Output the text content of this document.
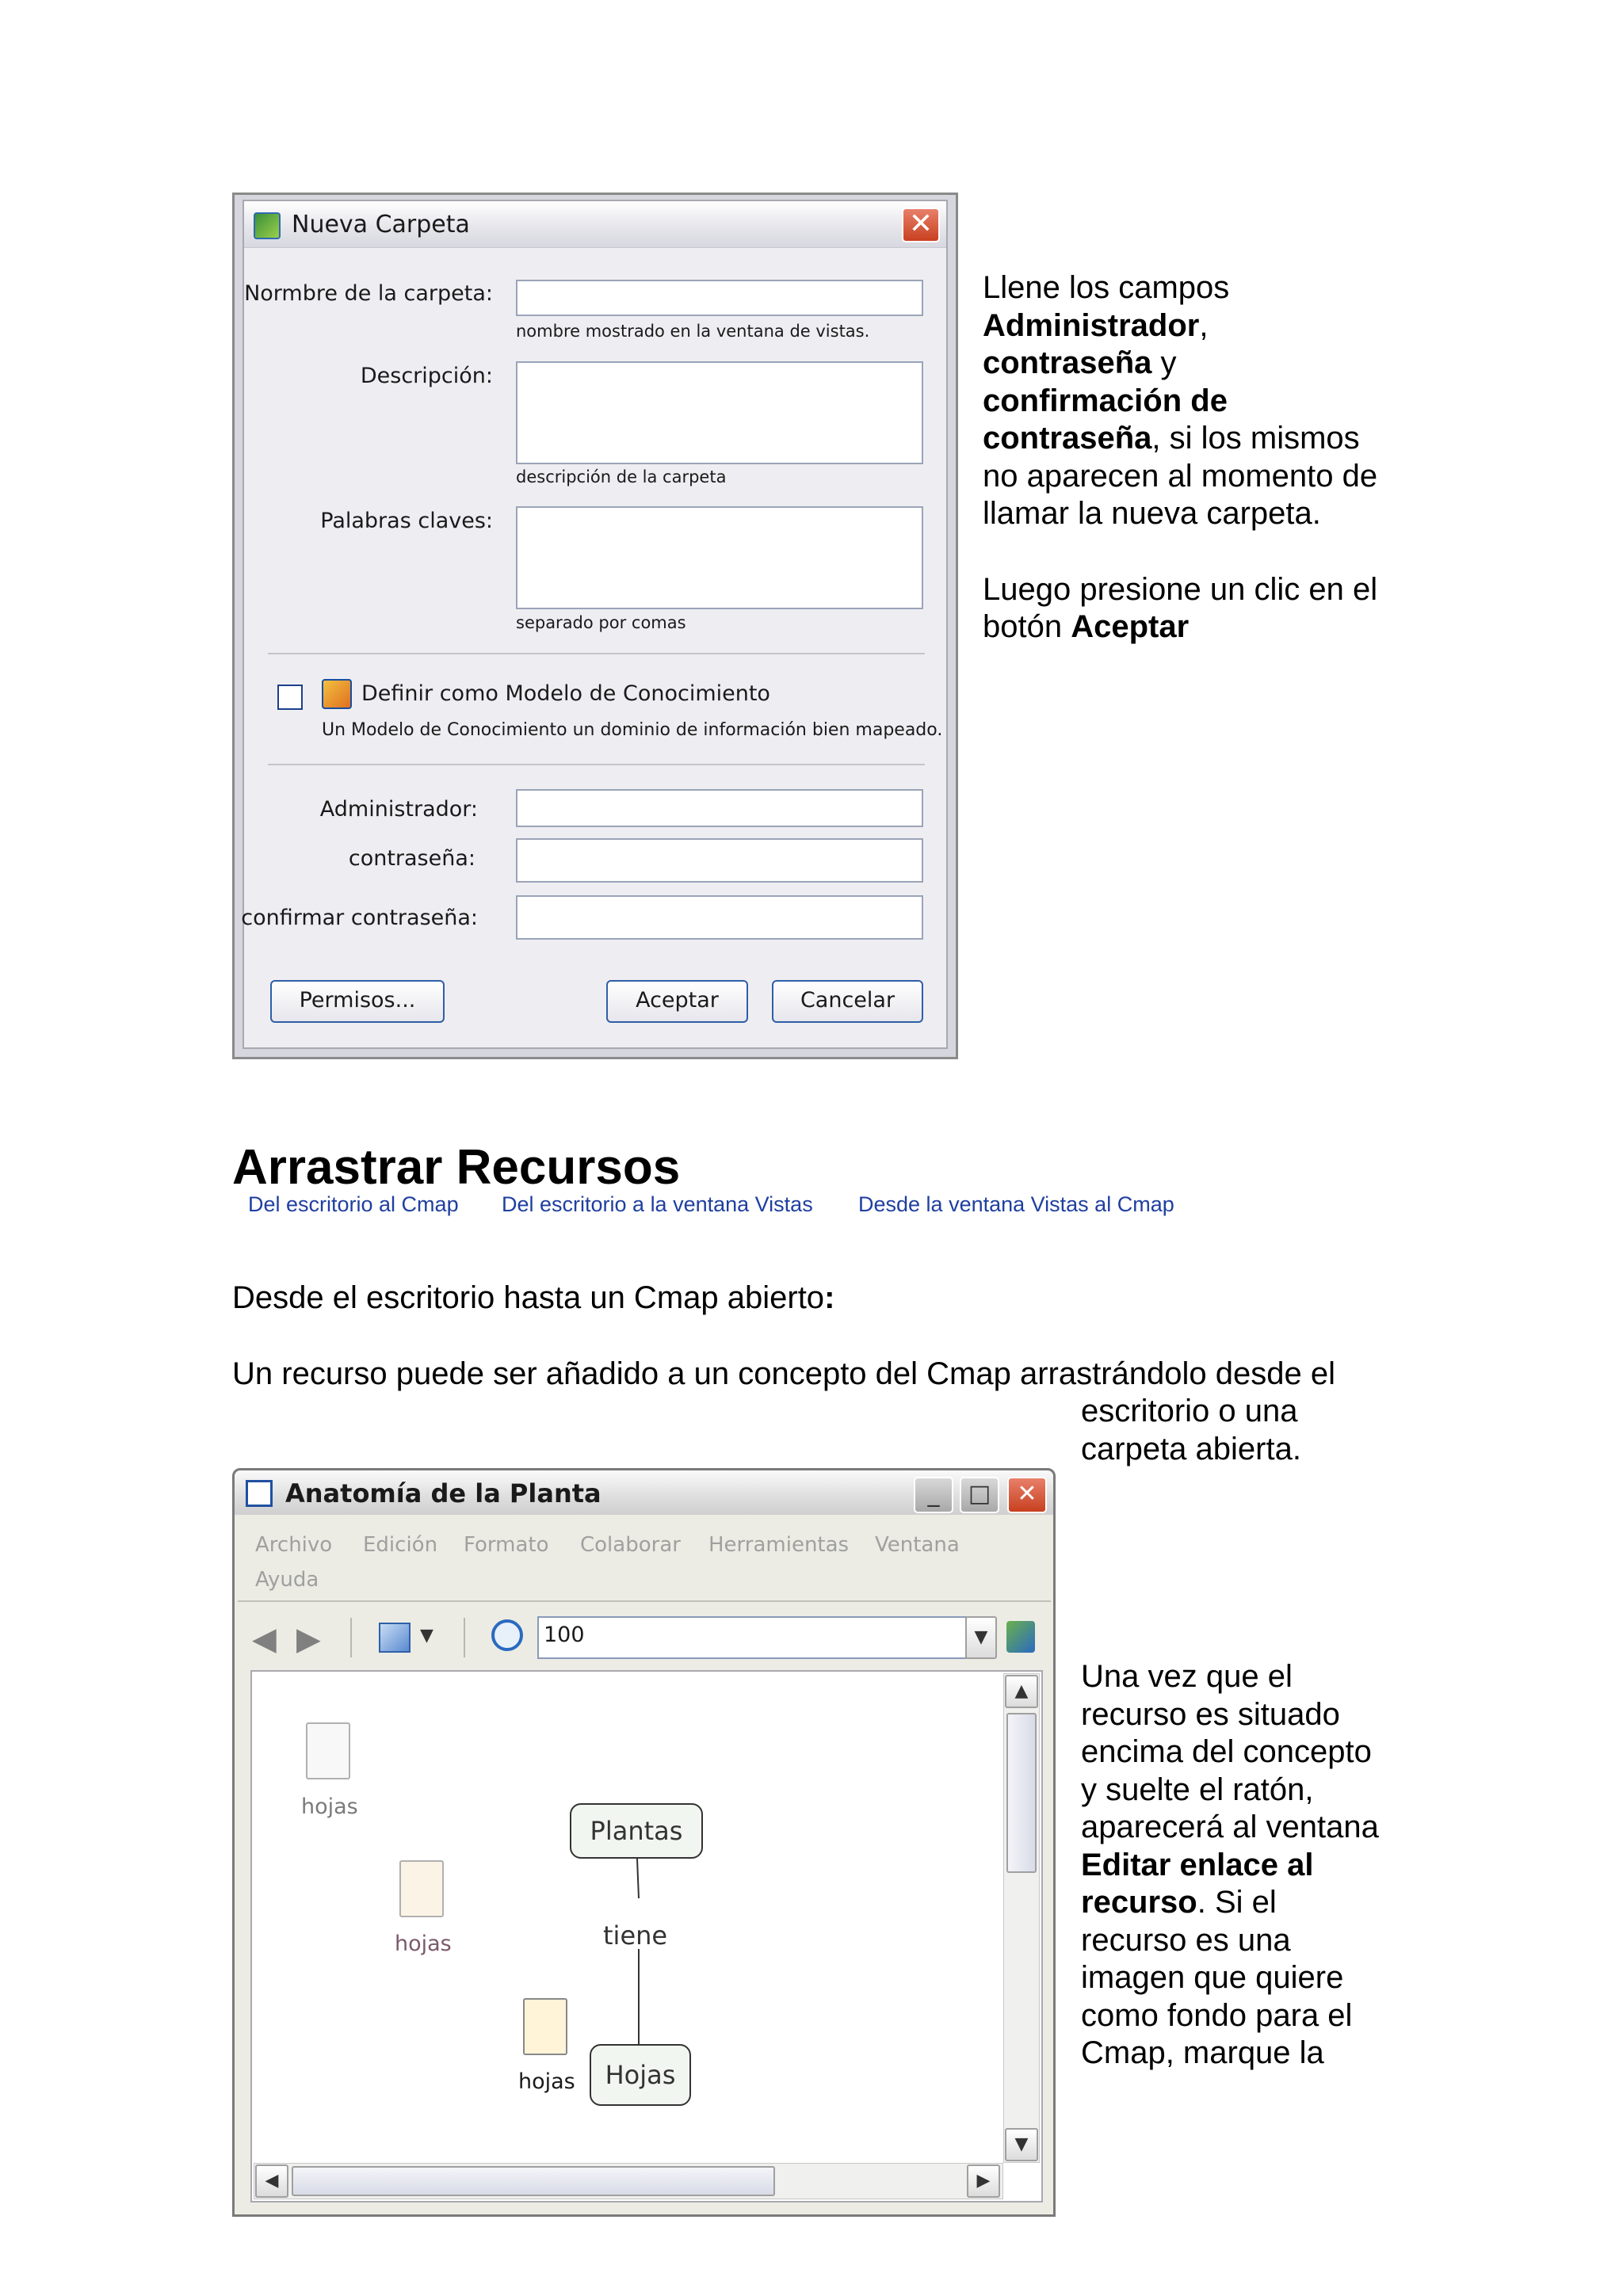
Nueva Carpeta	✕
Normbre de la carpeta:
nombre mostrado en la ventana de vistas.
Descripción:
descripción de la carpeta
Palabras claves:
separado por comas
Definir como Modelo de Conocimiento
Un Modelo de Conocimiento un dominio de información bien mapeado.
Administrador:
contraseña:
confirmar contraseña:
Permisos...	Aceptar	Cancelar
Llene los campos
Administrador,
contraseña y
confirmación de
contraseña, si los mismos
no aparecen al momento de
llamar la nueva carpeta.
Luego presione un clic en el
botón Aceptar
Arrastrar Recursos
Del escritorio al Cmap Del escritorio a la ventana Vistas Desde la ventana Vistas al Cmap
Desde el escritorio hasta un Cmap abierto:
Un recurso puede ser añadido a un concepto del Cmap arrastrándolo desde el
escritorio o una
carpeta abierta.
Anatomía de la Planta	_	□	✕
Archivo Edición Formato Colaborar Herramientas Ventana
Ayuda
◀ ▶	▼	100	▼
▲
▼
◀	▶
Plantas
tiene
Hojas
hojas
hojas
hojas
Una vez que el
recurso es situado
encima del concepto
y suelte el ratón,
aparecerá al ventana
Editar enlace al
recurso. Si el
recurso es una
imagen que quiere
como fondo para el
Cmap, marque la
